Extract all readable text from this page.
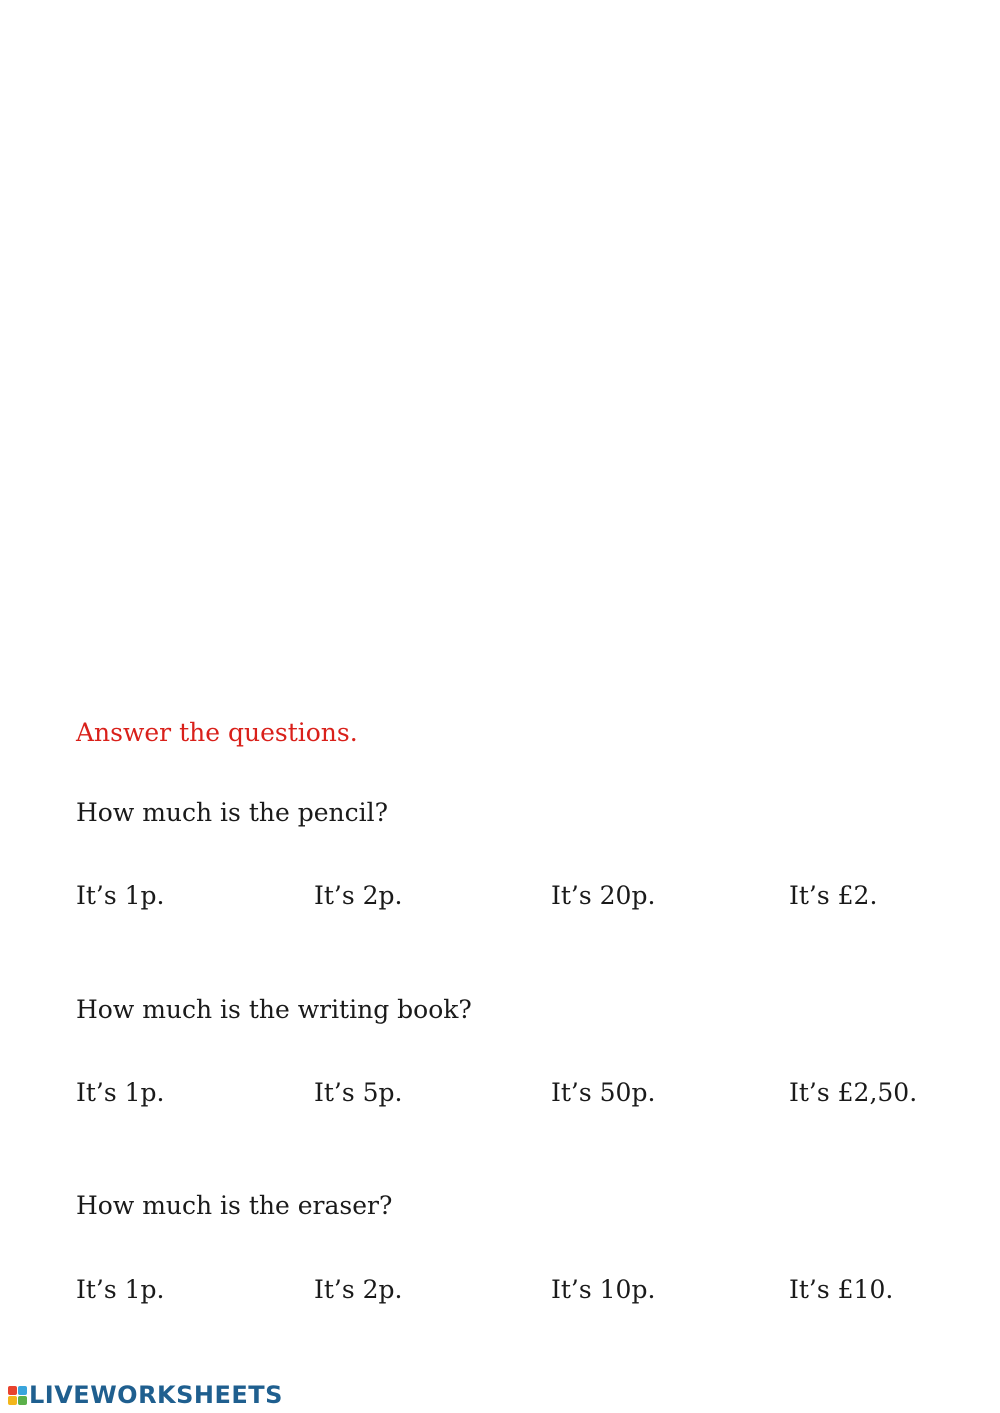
Answer the questions.
How much is the pencil?
It’s 1p.	It’s 2p.	It’s 20p.	It’s £2.
How much is the writing book?
It’s 1p.	It’s 5p.	It’s 50p.	It’s £2,50.
How much is the eraser?
It’s 1p.	It’s 2p.	It’s 10p.	It’s £10.
LIVEWORKSHEETS
